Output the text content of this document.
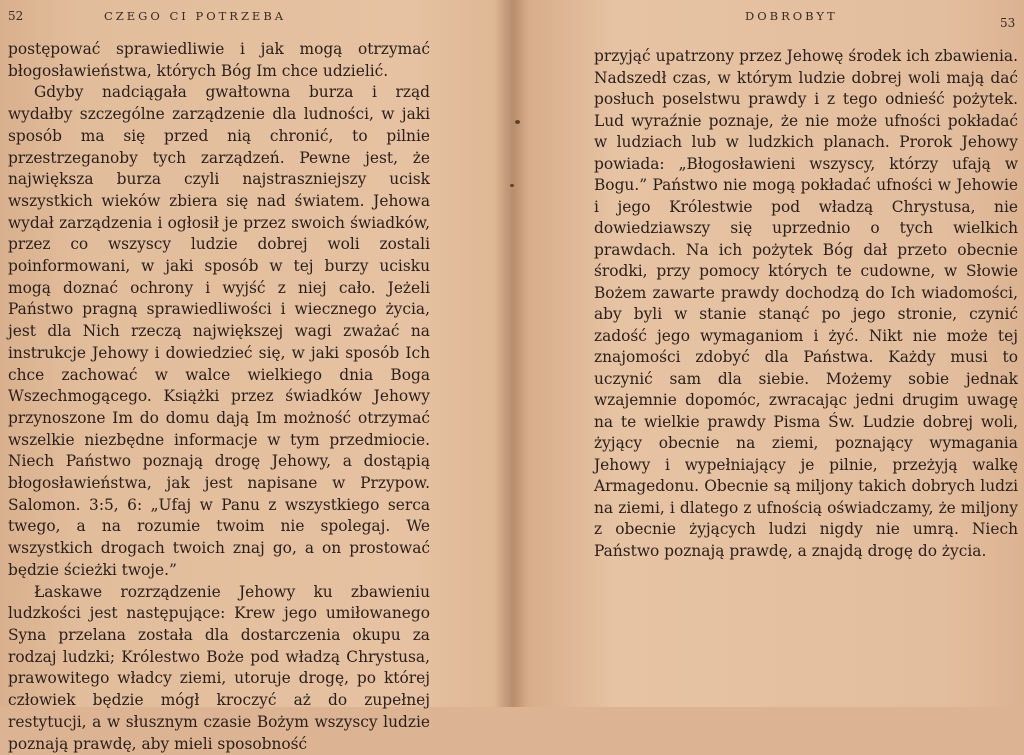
52	CZEGO CI POTRZEBA

postępować sprawiedliwie i jak mogą otrzymać błogosławieństwa, których Bóg Im chce udzielić.

Gdyby nadciągała gwałtowna burza i rząd wydałby szczególne zarządzenie dla ludności, w jaki sposób ma się przed nią chronić, to pilnie przestrzeganoby tych zarządzeń. Pewne jest, że największa burza czyli najstraszniejszy ucisk wszystkich wieków zbiera się nad światem. Jehowa wydał zarządzenia i ogłosił je przez swoich świadków, przez co wszyscy ludzie dobrej woli zostali poinformowani, w jaki sposób w tej burzy ucisku mogą doznać ochrony i wyjść z niej cało. Jeżeli Państwo pragną sprawiedliwości i wiecznego życia, jest dla Nich rzeczą największej wagi zważać na instrukcje Jehowy i dowiedzieć się, w jaki sposób Ich chce zachować w walce wielkiego dnia Boga Wszechmogącego. Książki przez świadków Jehowy przynoszone Im do domu dają Im możność otrzymać wszelkie niezbędne informacje w tym przedmiocie. Niech Państwo poznają drogę Jehowy, a dostąpią błogosławieństwa, jak jest napisane w Przypow. Salomon. 3:5, 6: „Ufaj w Panu z wszystkiego serca twego, a na rozumie twoim nie spolegaj. We wszystkich drogach twoich znaj go, a on prostować będzie ścieżki twoje.”

Łaskawe rozrządzenie Jehowy ku zbawieniu ludzkości jest następujące: Krew jego umiłowanego Syna przelana została dla dostarczenia okupu za rodzaj ludzki; Królestwo Boże pod władzą Chrystusa, prawowitego władcy ziemi, utoruje drogę, po której człowiek będzie mógł kroczyć aż do zupełnej restytucji, a w słusznym czasie Bożym wszyscy ludzie poznają prawdę, aby mieli sposobność

DOBROBYT	53

przyjąć upatrzony przez Jehowę środek ich zbawienia. Nadszedł czas, w którym ludzie dobrej woli mają dać posłuch poselstwu prawdy i z tego odnieść pożytek. Lud wyraźnie poznaje, że nie może ufności pokładać w ludziach lub w ludzkich planach. Prorok Jehowy powiada: „Błogosławieni wszyscy, którzy ufają w Bogu.” Państwo nie mogą pokładać ufności w Jehowie i jego Królestwie pod władzą Chrystusa, nie dowiedziawszy się uprzednio o tych wielkich prawdach. Na ich pożytek Bóg dał przeto obecnie środki, przy pomocy których te cudowne, w Słowie Bożem zawarte prawdy dochodzą do Ich wiadomości, aby byli w stanie stanąć po jego stronie, czynić zadość jego wymaganiom i żyć. Nikt nie może tej znajomości zdobyć dla Państwa. Każdy musi to uczynić sam dla siebie. Możemy sobie jednak wzajemnie dopomóc, zwracając jedni drugim uwagę na te wielkie prawdy Pisma Św. Ludzie dobrej woli, żyjący obecnie na ziemi, poznający wymagania Jehowy i wypełniający je pilnie, przeżyją walkę Armagedonu. Obecnie są miljony takich dobrych ludzi na ziemi, i dlatego z ufnością oświadczamy, że miljony z obecnie żyjących ludzi nigdy nie umrą. Niech Państwo poznają prawdę, a znajdą drogę do życia.
